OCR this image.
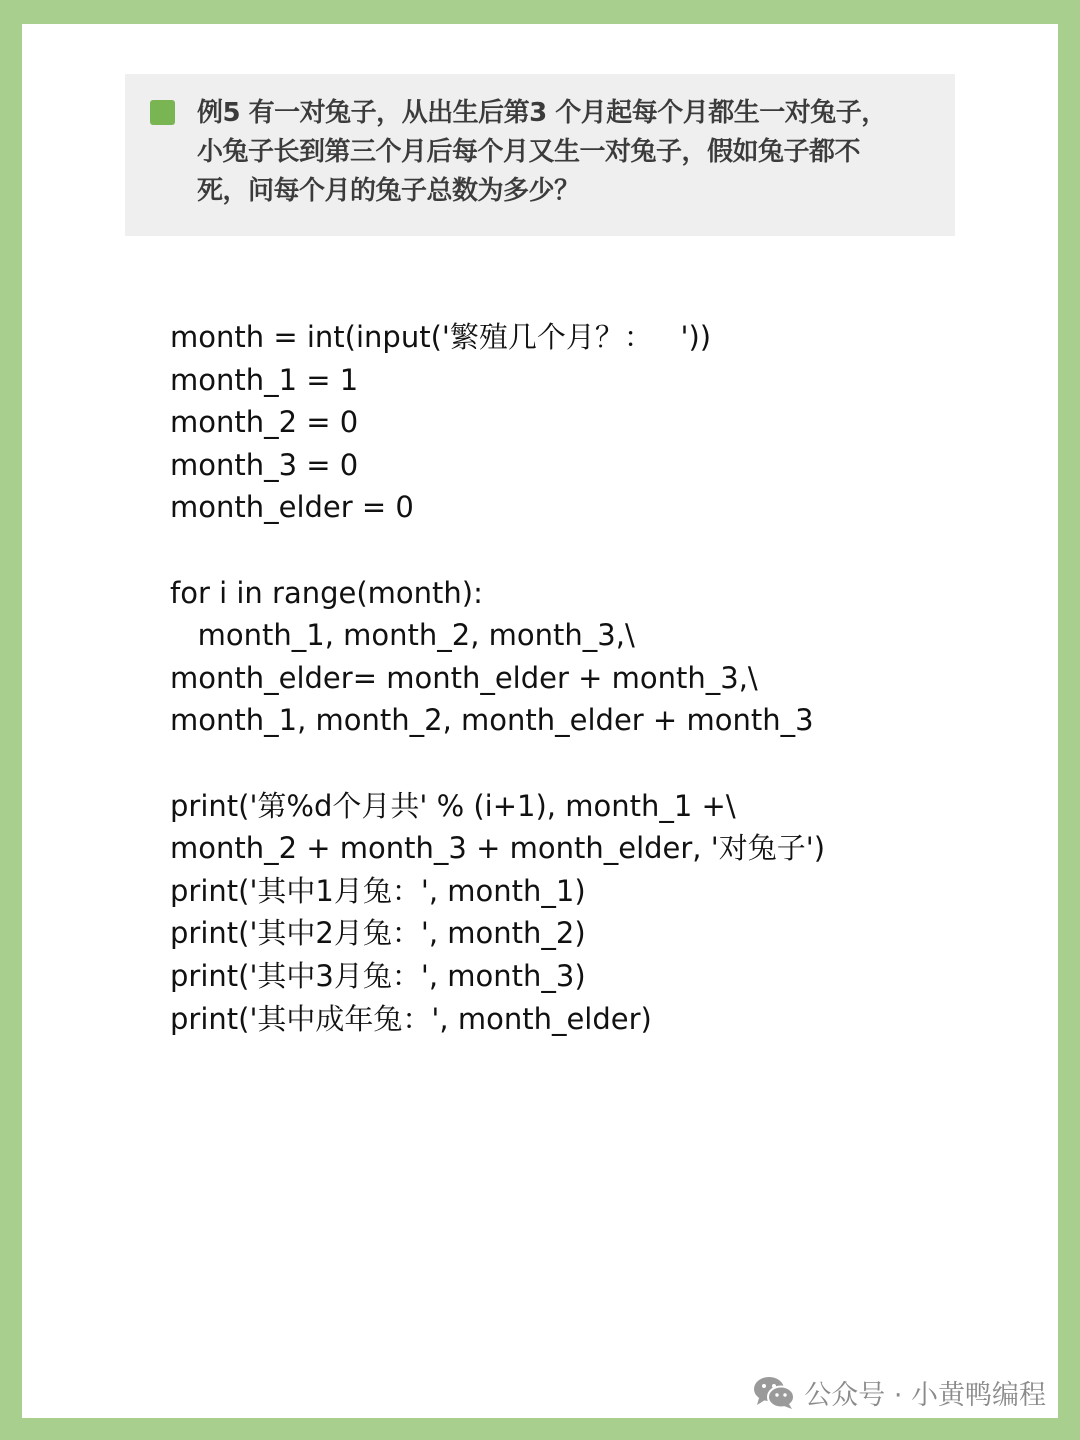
例5 有一对兔子，从出生后第3 个月起每个月都生一对兔子，
小兔子长到第三个月后每个月又生一对兔子，假如兔子都不
死，问每个月的兔子总数为多少？
month = int(input('繁殖几个月？：   '))
month_1 = 1
month_2 = 0
month_3 = 0
month_elder = 0
for i in range(month):
month_1, month_2, month_3,\
month_elder= month_elder + month_3,\
month_1, month_2, month_elder + month_3
print('第%d个月共' % (i+1), month_1 +\
month_2 + month_3 + month_elder, '对兔子')
print('其中1月兔：', month_1)
print('其中2月兔：', month_2)
print('其中3月兔：', month_3)
print('其中成年兔：', month_elder)
公众号 · 小黄鸭编程
